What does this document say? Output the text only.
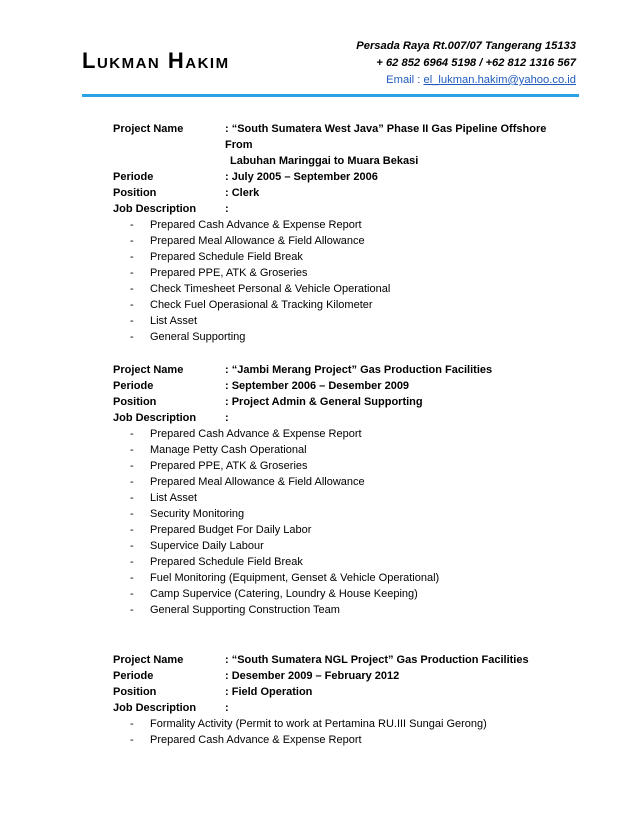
Lukman Hakim
Persada Raya Rt.007/07 Tangerang 15133
+ 62 852 6964 5198 / +62 812 1316 567
Email : el_lukman.hakim@yahoo.co.id
Project Name	: “South Sumatera West Java” Phase II Gas Pipeline Offshore From
Labuhan Maringgai to Muara Bekasi
Periode	: July 2005 – September 2006
Position	: Clerk
Job Description	:
-	Prepared Cash Advance & Expense Report
-	Prepared Meal Allowance & Field Allowance
-	Prepared Schedule Field Break
-	Prepared PPE, ATK & Groseries
-	Check Timesheet Personal & Vehicle Operational
-	Check Fuel Operasional & Tracking Kilometer
-	List Asset
-	General Supporting
Project Name	: “Jambi Merang Project” Gas Production Facilities
Periode	: September 2006 – Desember 2009
Position	: Project Admin & General Supporting
Job Description	:
-	Prepared Cash Advance & Expense Report
-	Manage Petty Cash Operational
-	Prepared PPE, ATK & Groseries
-	Prepared Meal Allowance & Field Allowance
-	List Asset
-	Security Monitoring
-	Prepared Budget For Daily Labor
-	Supervice Daily Labour
-	Prepared Schedule Field Break
-	Fuel Monitoring (Equipment, Genset & Vehicle Operational)
-	Camp Supervice (Catering, Loundry & House Keeping)
-	General Supporting Construction Team
Project Name	: “South Sumatera NGL Project” Gas Production Facilities
Periode	: Desember 2009 – February 2012
Position	: Field Operation
Job Description	:
-	Formality Activity (Permit to work at Pertamina RU.III Sungai Gerong)
-	Prepared Cash Advance & Expense Report
